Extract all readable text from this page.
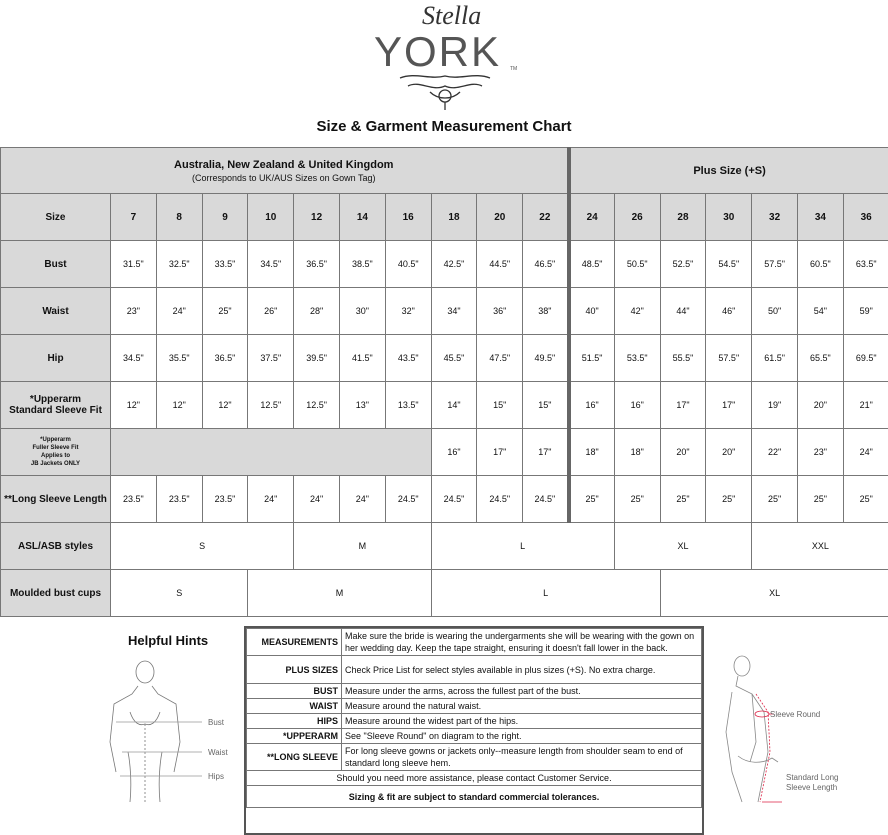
Stella
YORK TM
Size & Garment Measurement Chart
Australia, New Zealand & United Kingdom
(Corresponds to UK/AUS Sizes on Gown Tag)											Plus Size (+S)						
Size	7	8	9	10	12	14	16	18	20	22	24	26	28	30	32	34	36
Bust	31.5"	32.5"	33.5"	34.5"	36.5"	38.5"	40.5"	42.5"	44.5"	46.5"	48.5"	50.5"	52.5"	54.5"	57.5"	60.5"	63.5"
Waist	23"	24"	25"	26"	28"	30"	32"	34"	36"	38"	40"	42"	44"	46"	50"	54"	59"
Hip	34.5"	35.5"	36.5"	37.5"	39.5"	41.5"	43.5"	45.5"	47.5"	49.5"	51.5"	53.5"	55.5"	57.5"	61.5"	65.5"	69.5"

*Upperarm
Standard Sleeve Fit	12"	12"	12"	12.5"	12.5"	13"	13.5"	14"	15"	15"	16"	16"	17"	17"	19"	20"	21"

*Upperarm
Fuller Sleeve Fit
Applies to
JB Jackets ONLY								16"	17"	17"	18"	18"	20"	20"	22"	23"	24"
**Long Sleeve Length	23.5"	23.5"	23.5"	24"	24"	24"	24.5"	24.5"	24.5"	24.5"	25"	25"	25"	25"	25"	25"	25"
ASL/ASB styles	S				M			L				XL			XXL		
Moulded bust cups	S			M				L					XL				
Helpful Hints
Bust
Waist
Hips
MEASUREMENTS	Make sure the bride is wearing the undergarments she will be wearing with the gown on her wedding day. Keep the tape straight, ensuring it doesn't fall lower in the back.
PLUS SIZES	Check Price List for select styles available in plus sizes (+S). No extra charge.
BUST	Measure under the arms, across the fullest part of the bust.
WAIST	Measure around the natural waist.
HIPS	Measure around the widest part of the hips.
*UPPERARM	See "Sleeve Round" on diagram to the right.
**LONG SLEEVE	For long sleeve gowns or jackets only--measure length from shoulder seam to end of standard long sleeve hem.
Should you need more assistance, please contact Customer Service.	
Sizing & fit are subject to standard commercial tolerances.	
Sleeve Round
Standard Long
Sleeve Length
